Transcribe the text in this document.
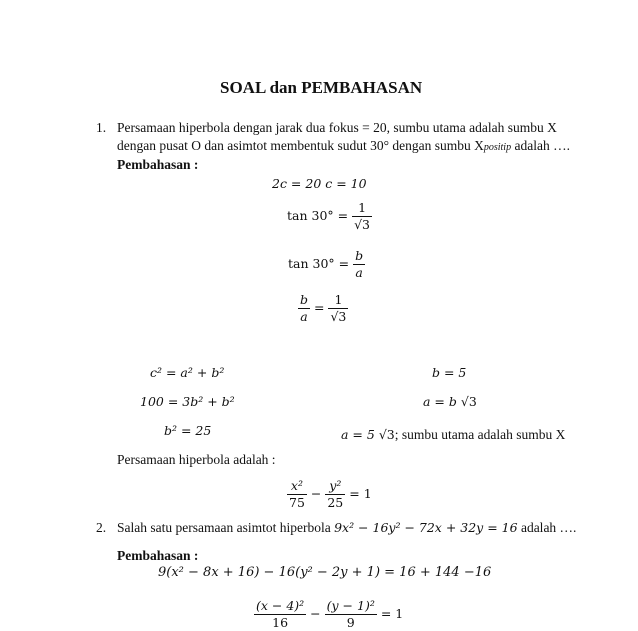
SOAL dan PEMBAHASAN
1. Persamaan hiperbola dengan jarak dua fokus = 20, sumbu utama adalah sumbu X
dengan pusat O dan asimtot membentuk sudut 30° dengan sumbu Xpositip adalah ….
Pembahasan :
2c = 20 c = 10
$\tan 30^\circ = \frac{1}{√3}$
$\tan 30^\circ = \frac{b}{a}$
$\frac{b}{a} = \frac{1}{√3}$
c² = a² + b²
100 = 3b² + b²
b² = 25
b = 5
a = b √3
a = 5 √3; sumbu utama adalah sumbu X
Persamaan hiperbola adalah :
$\frac{\text{x²}}{75} - \frac{\text{y²}}{25} = 1$
2. Salah satu persamaan asimtot hiperbola 9x² − 16y² − 72x + 32y = 16 adalah ….
Pembahasan :
9(x² − 8x + 16) − 16(y² − 2y + 1) = 16 + 144 −16
$\frac{\text{(x − 4)²}}{16} - \frac{\text{(y − 1)²}}{9} = 1$
